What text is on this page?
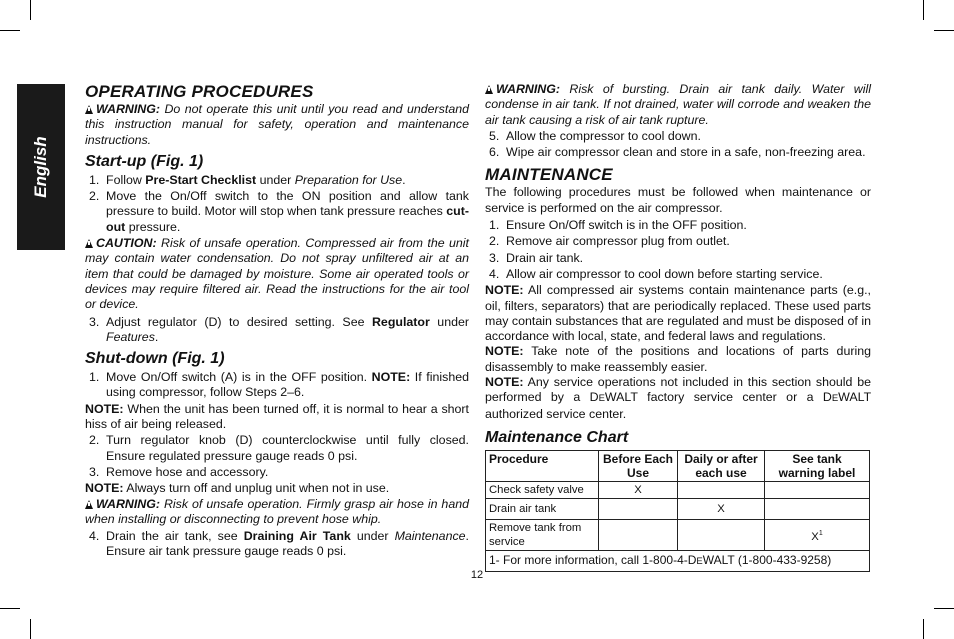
English
OPERATING PROCEDURES

WARNING: Do not operate this unit until you read and understand this instruction manual for safety, operation and maintenance instructions.

Start-up (Fig. 1)
1. Follow Pre-Start Checklist under Preparation for Use.
2. Move the On/Off switch to the ON position and allow tank pressure to build. Motor will stop when tank pressure reaches cut-out pressure.

CAUTION: Risk of unsafe operation. Compressed air from the unit may contain water condensation. Do not spray unfiltered air at an item that could be damaged by moisture. Some air operated tools or devices may require filtered air. Read the instructions for the air tool or device.

3. Adjust regulator (D) to desired setting. See Regulator under Features.
Shut-down (Fig. 1)
1. Move On/Off switch (A) is in the OFF position. NOTE: If finished using compressor, follow Steps 2–6.

NOTE: When the unit has been turned off, it is normal to hear a short hiss of air being released.

2. Turn regulator knob (D) counterclockwise until fully closed. Ensure regulated pressure gauge reads 0 psi.
3. Remove hose and accessory.

NOTE: Always turn off and unplug unit when not in use.

WARNING: Risk of unsafe operation. Firmly grasp air hose in hand when installing or disconnecting to prevent hose whip.

4. Drain the air tank, see Draining Air Tank under Maintenance. Ensure air tank pressure gauge reads 0 psi.

WARNING: Risk of bursting. Drain air tank daily. Water will condense in air tank. If not drained, water will corrode and weaken the air tank causing a risk of air tank rupture.

5. Allow the compressor to cool down.
6. Wipe air compressor clean and store in a safe, non-freezing area.
MAINTENANCE

The following procedures must be followed when maintenance or service is performed on the air compressor.

1. Ensure On/Off switch is in the OFF position.
2. Remove air compressor plug from outlet.
3. Drain air tank.
4. Allow air compressor to cool down before starting service.

NOTE: All compressed air systems contain maintenance parts (e.g., oil, filters, separators) that are periodically replaced. These used parts may contain substances that are regulated and must be disposed of in accordance with local, state, and federal laws and regulations.

NOTE: Take note of the positions and locations of parts during disassembly to make reassembly easier.

NOTE: Any service operations not included in this section should be performed by a DEWALT factory service center or a DEWALT authorized service center.

Maintenance Chart
Procedure	Before Each Use	Daily or after each use	See tank warning label
Check safety valve	X		
Drain air tank		X	
Remove tank from service			$X^1$
1- For more information, call 1-800-4-DEWALT (1-800-433-9258)			
12
